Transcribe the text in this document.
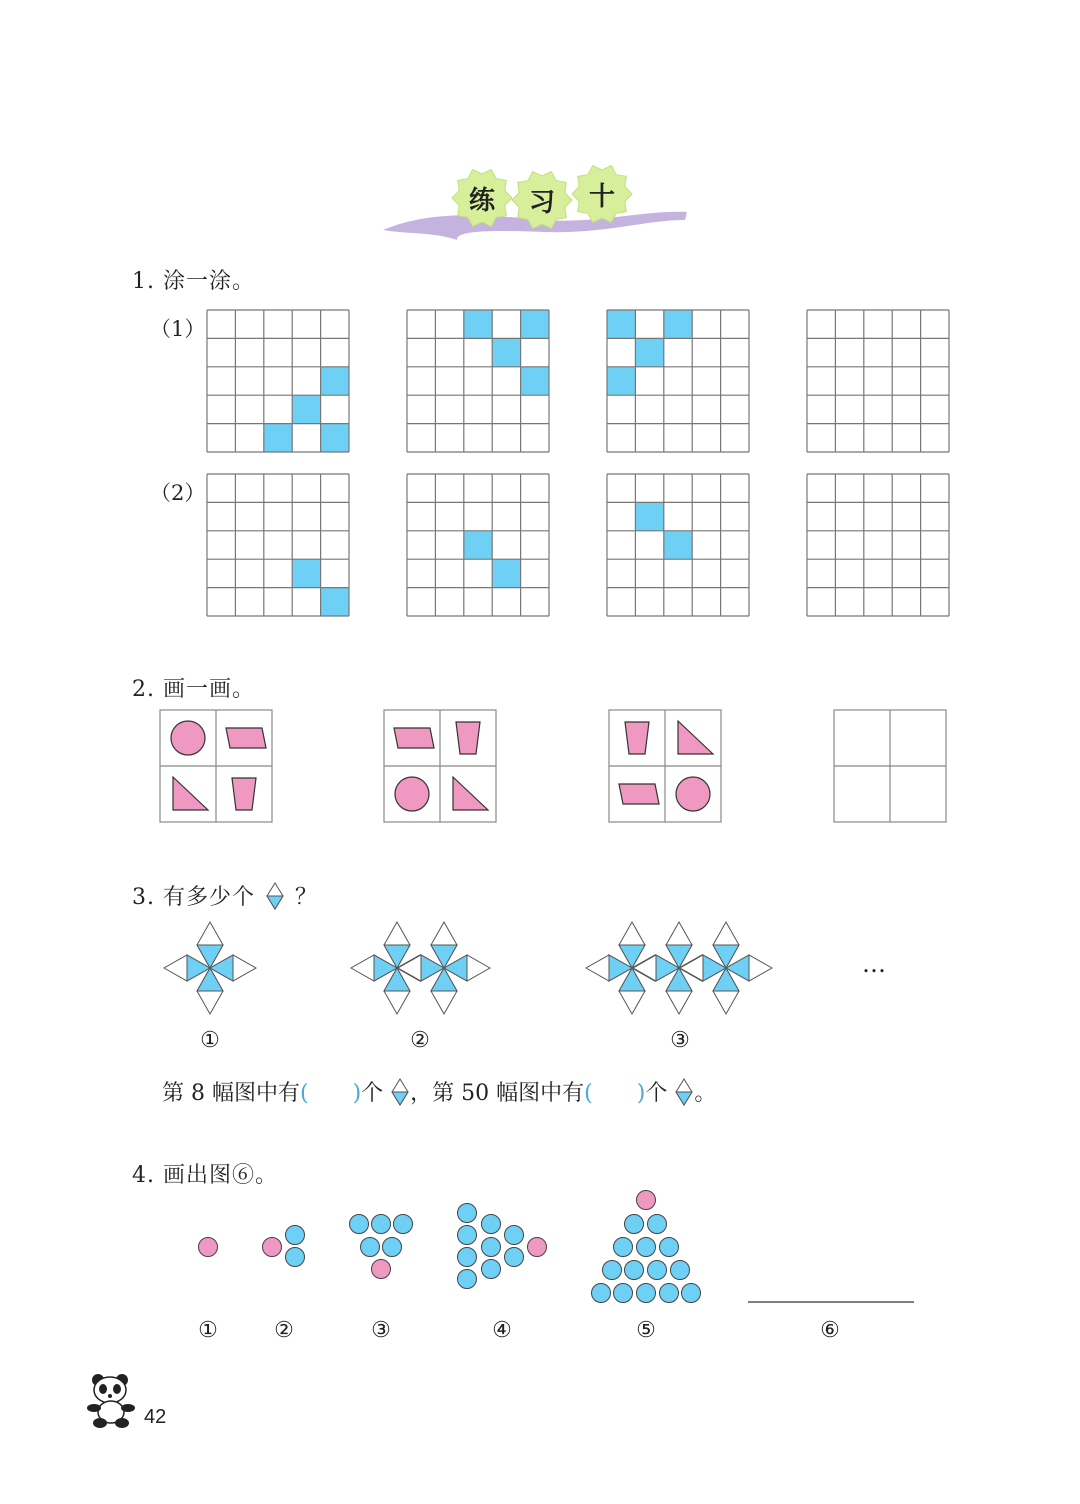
练 习 十
1. 涂一涂。
（1）
（2）
2. 画一画。
3. 有多少个 ？
…
①	②	③
第 8 幅图中有(　　)个 ，第 50 幅图中有(　　)个 。
4. 画出图⑥。
①	②	③	④	⑤	⑥
42
